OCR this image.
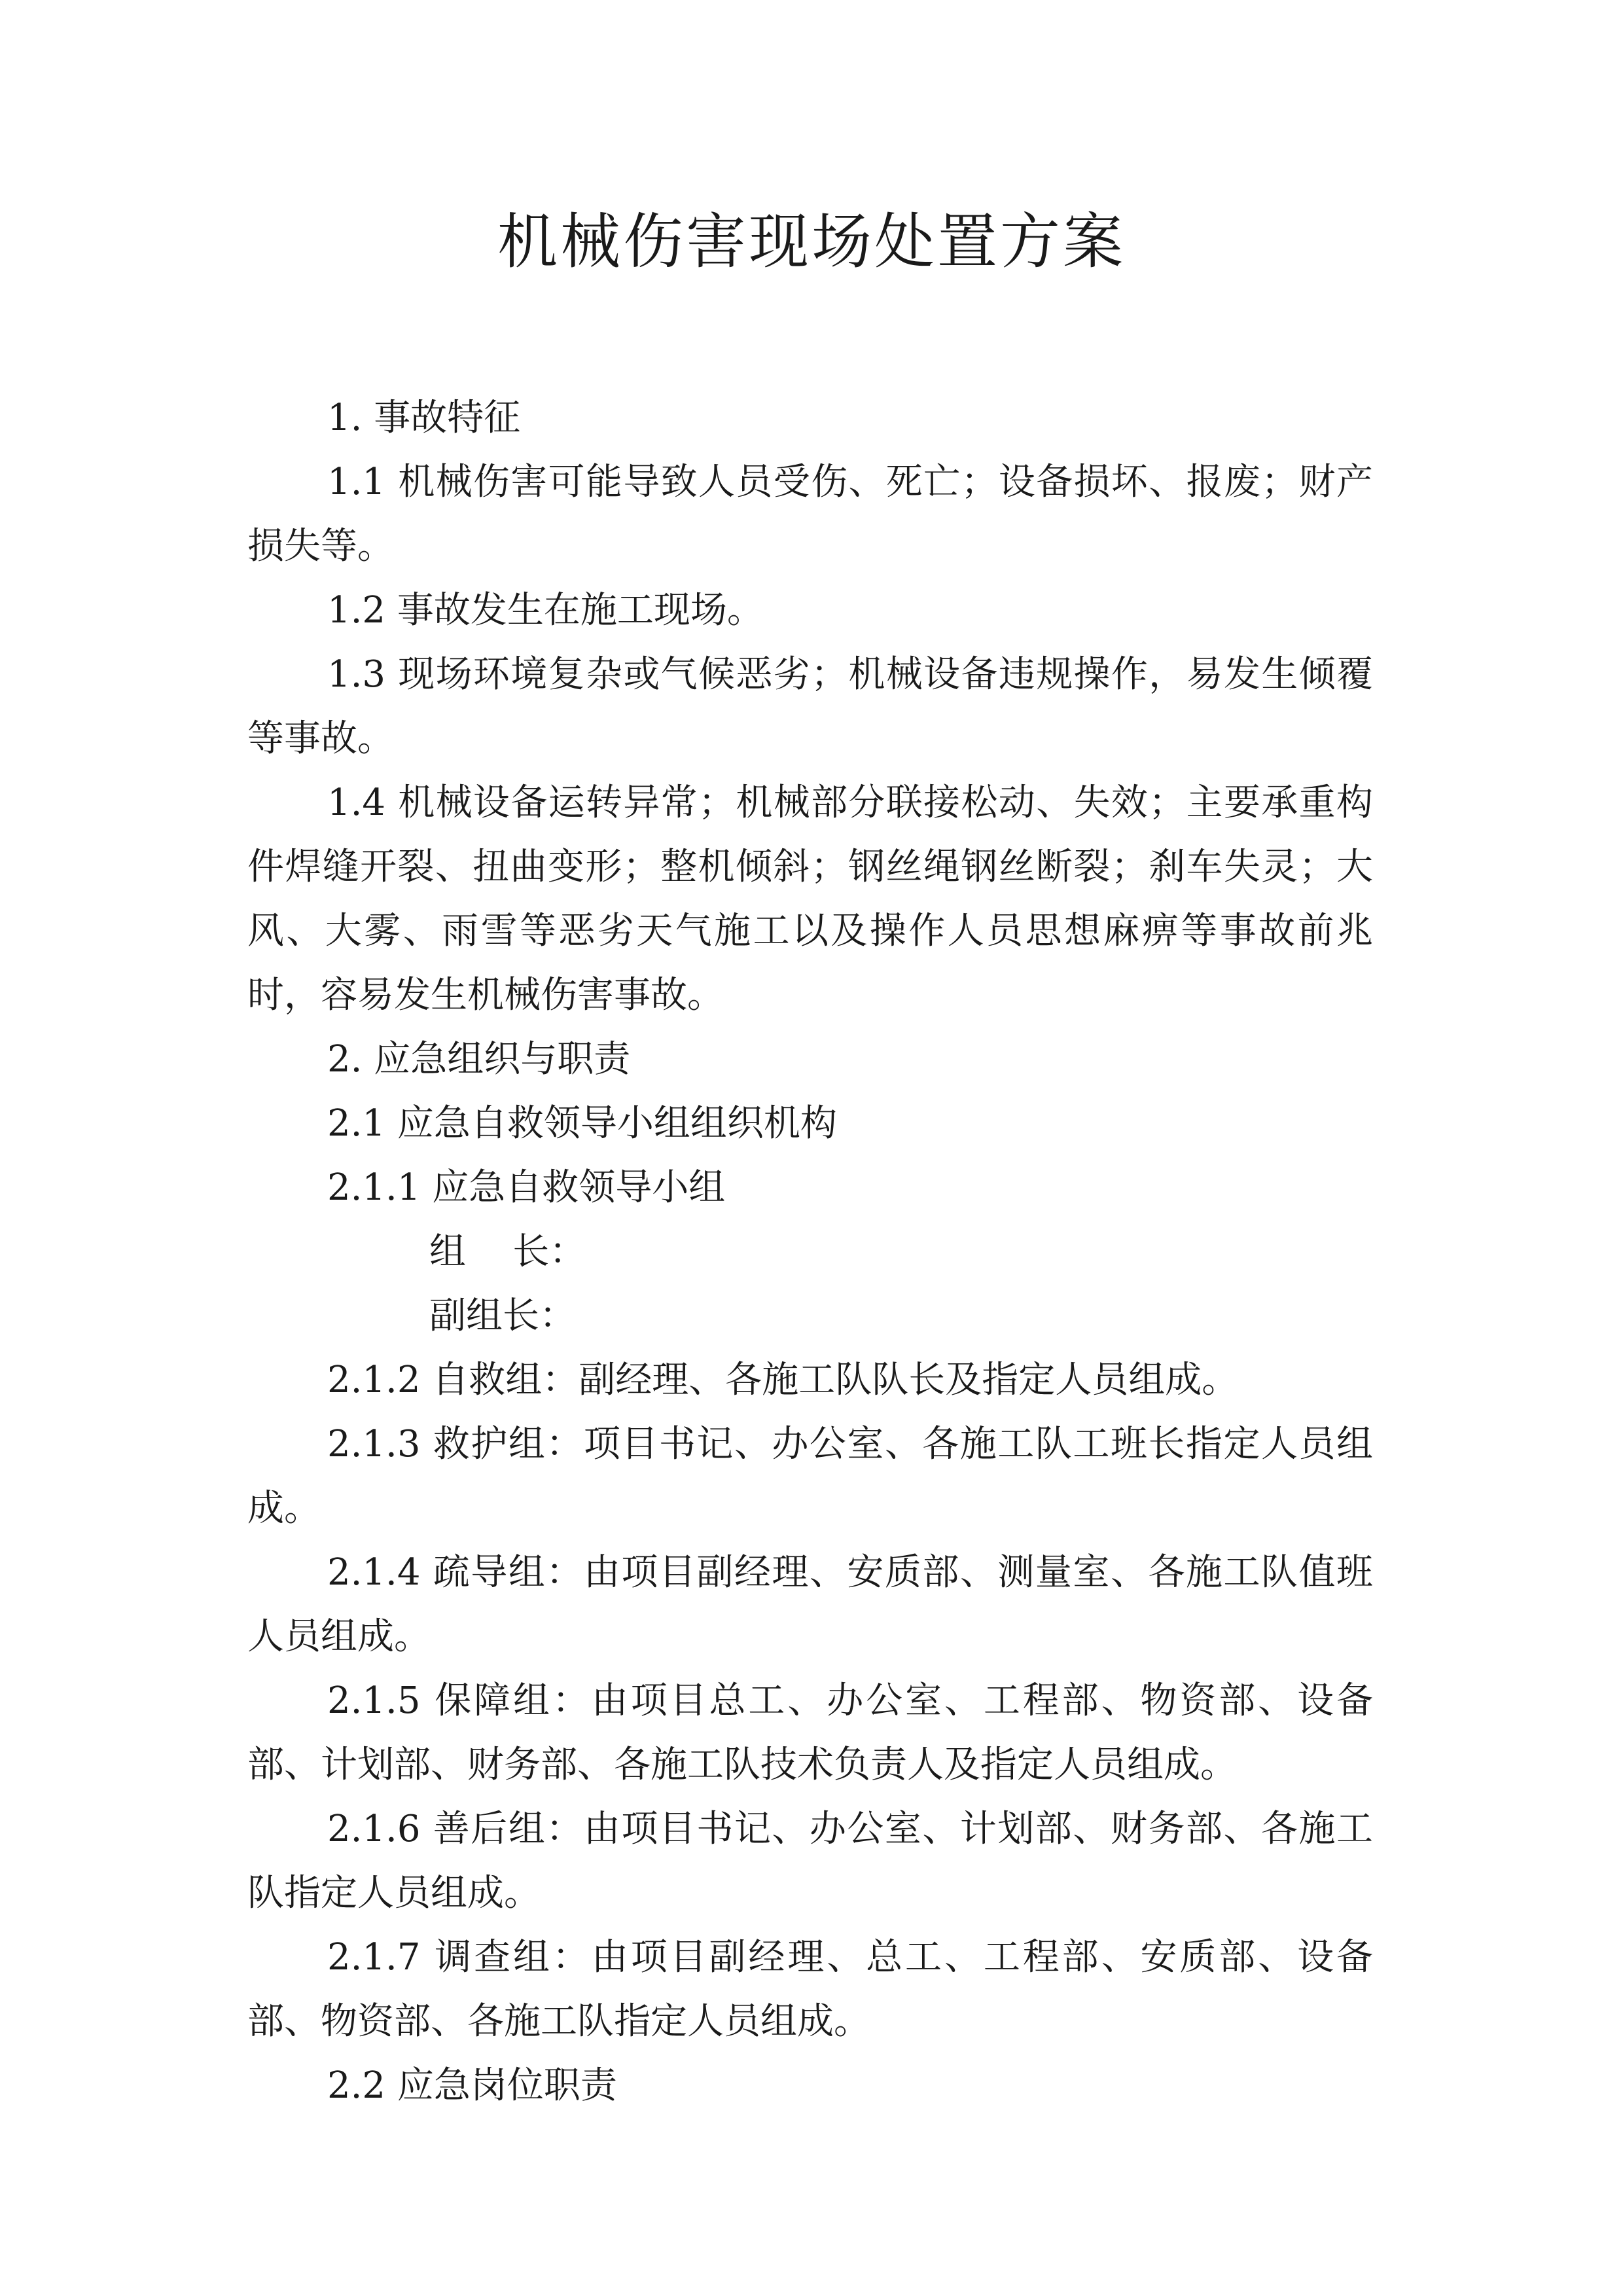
机械伤害现场处置方案

1. 事故特征

1.1 机械伤害可能导致人员受伤、死亡；设备损坏、报废；财产损失等。

1.2 事故发生在施工现场。

1.3 现场环境复杂或气候恶劣；机械设备违规操作，易发生倾覆等事故。

1.4 机械设备运转异常；机械部分联接松动、失效；主要承重构件焊缝开裂、扭曲变形；整机倾斜；钢丝绳钢丝断裂；刹车失灵；大风、大雾、雨雪等恶劣天气施工以及操作人员思想麻痹等事故前兆时，容易发生机械伤害事故。

2. 应急组织与职责

2.1 应急自救领导小组组织机构

2.1.1 应急自救领导小组

组    长：

副组长：

2.1.2 自救组：副经理、各施工队队长及指定人员组成。

2.1.3 救护组：项目书记、办公室、各施工队工班长指定人员组成。

2.1.4 疏导组：由项目副经理、安质部、测量室、各施工队值班人员组成。

2.1.5 保障组：由项目总工、办公室、工程部、物资部、设备部、计划部、财务部、各施工队技术负责人及指定人员组成。

2.1.6 善后组：由项目书记、办公室、计划部、财务部、各施工队指定人员组成。

2.1.7 调查组：由项目副经理、总工、工程部、安质部、设备部、物资部、各施工队指定人员组成。

2.2 应急岗位职责
